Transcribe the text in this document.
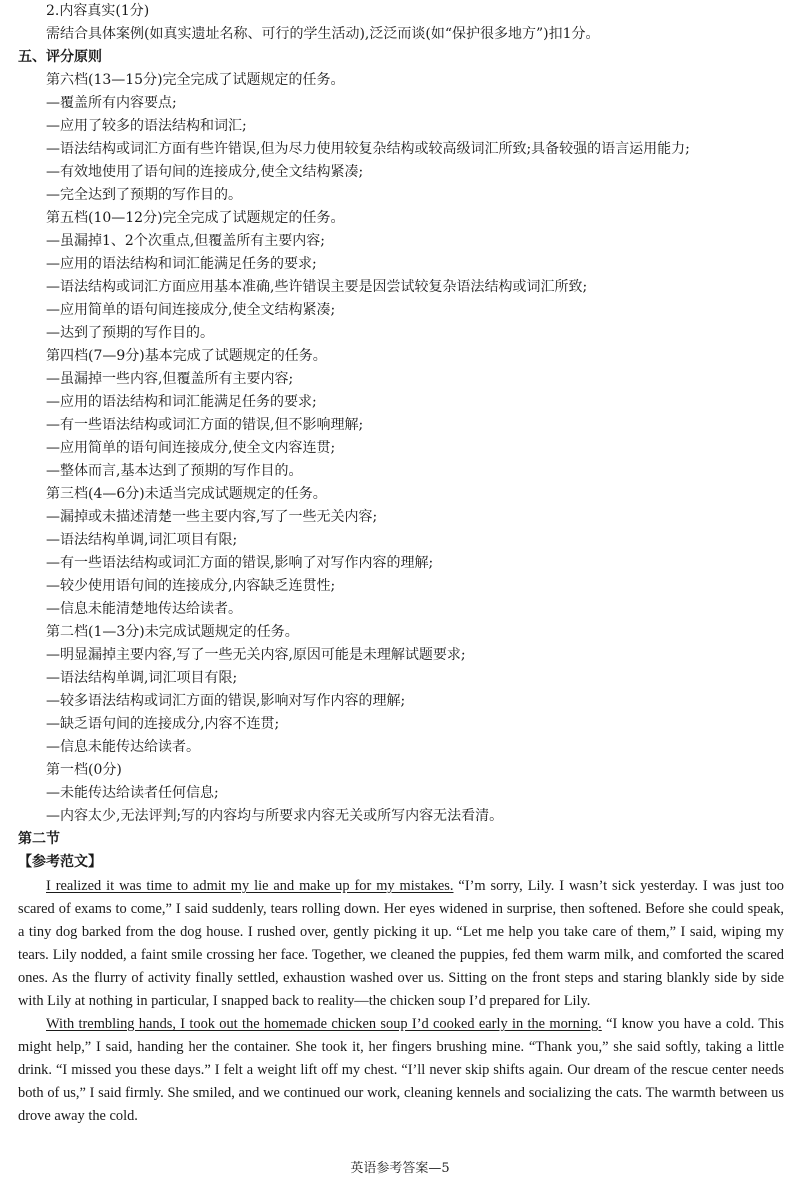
2.内容真实(1分)
需结合具体案例(如真实遗址名称、可行的学生活动),泛泛而谈(如“保护很多地方”)扣1分。
五、评分原则
第六档(13—15分)完全完成了试题规定的任务。
—覆盖所有内容要点;
—应用了较多的语法结构和词汇;
—语法结构或词汇方面有些许错误,但为尽力使用较复杂结构或较高级词汇所致;具备较强的语言运用能力;
—有效地使用了语句间的连接成分,使全文结构紧凑;
—完全达到了预期的写作目的。
第五档(10—12分)完全完成了试题规定的任务。
—虽漏掉1、2个次重点,但覆盖所有主要内容;
—应用的语法结构和词汇能满足任务的要求;
—语法结构或词汇方面应用基本准确,些许错误主要是因尝试较复杂语法结构或词汇所致;
—应用简单的语句间连接成分,使全文结构紧凑;
—达到了预期的写作目的。
第四档(7—9分)基本完成了试题规定的任务。
—虽漏掉一些内容,但覆盖所有主要内容;
—应用的语法结构和词汇能满足任务的要求;
—有一些语法结构或词汇方面的错误,但不影响理解;
—应用简单的语句间连接成分,使全文内容连贯;
—整体而言,基本达到了预期的写作目的。
第三档(4—6分)未适当完成试题规定的任务。
—漏掉或未描述清楚一些主要内容,写了一些无关内容;
—语法结构单调,词汇项目有限;
—有一些语法结构或词汇方面的错误,影响了对写作内容的理解;
—较少使用语句间的连接成分,内容缺乏连贯性;
—信息未能清楚地传达给读者。
第二档(1—3分)未完成试题规定的任务。
—明显漏掉主要内容,写了一些无关内容,原因可能是未理解试题要求;
—语法结构单调,词汇项目有限;
—较多语法结构或词汇方面的错误,影响对写作内容的理解;
—缺乏语句间的连接成分,内容不连贯;
—信息未能传达给读者。
第一档(0分)
—未能传达给读者任何信息;
—内容太少,无法评判;写的内容均与所要求内容无关或所写内容无法看清。
第二节
【参考范文】

I realized it was time to admit my lie and make up for my mistakes. “I’m sorry, Lily. I wasn’t sick yesterday. I was just too scared of exams to come,” I said suddenly, tears rolling down. Her eyes widened in surprise, then softened. Before she could speak, a tiny dog barked from the dog house. I rushed over, gently picking it up. “Let me help you take care of them,” I said, wiping my tears. Lily nodded, a faint smile crossing her face. Together, we cleaned the puppies, fed them warm milk, and comforted the scared ones. As the flurry of activity finally settled, exhaustion washed over us. Sitting on the front steps and staring blankly side by side with Lily at nothing in particular, I snapped back to reality—the chicken soup I’d prepared for Lily.

With trembling hands, I took out the homemade chicken soup I’d cooked early in the morning. “I know you have a cold. This might help,” I said, handing her the container. She took it, her fingers brushing mine. “Thank you,” she said softly, taking a little drink. “I missed you these days.” I felt a weight lift off my chest. “I’ll never skip shifts again. Our dream of the rescue center needs both of us,” I said firmly. She smiled, and we continued our work, cleaning kennels and socializing the cats. The warmth between us drove away the cold.

英语参考答案—5
